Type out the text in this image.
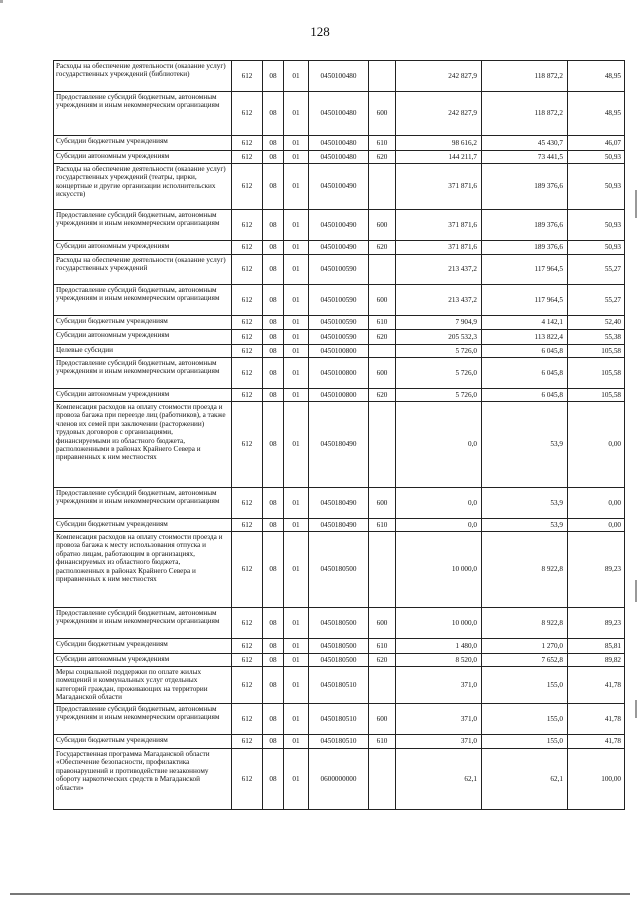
128
Расходы на обеспечение деятельности (оказание услуг) государственных учреждений (библиотеки)	612	08	01	0450100480		242 827,9	118 872,2	48,95
Предоставление субсидий бюджетным, автономным учреждениям и иным некоммерческим организациям	612	08	01	0450100480	600	242 827,9	118 872,2	48,95
Субсидии бюджетным учреждениям	612	08	01	0450100480	610	98 616,2	45 430,7	46,07
Субсидии автономным учреждениям	612	08	01	0450100480	620	144 211,7	73 441,5	50,93
Расходы на обеспечение деятельности (оказание услуг) государственных учреждений (театры, цирки, концертные и другие организации исполнительских искусств)	612	08	01	0450100490		371 871,6	189 376,6	50,93
Предоставление субсидий бюджетным, автономным учреждениям и иным некоммерческим организациям	612	08	01	0450100490	600	371 871,6	189 376,6	50,93
Субсидии автономным учреждениям	612	08	01	0450100490	620	371 871,6	189 376,6	50,93
Расходы на обеспечение деятельности (оказание услуг) государственных учреждений	612	08	01	0450100590		213 437,2	117 964,5	55,27
Предоставление субсидий бюджетным, автономным учреждениям и иным некоммерческим организациям	612	08	01	0450100590	600	213 437,2	117 964,5	55,27
Субсидии бюджетным учреждениям	612	08	01	0450100590	610	7 904,9	4 142,1	52,40
Субсидии автономным учреждениям	612	08	01	0450100590	620	205 532,3	113 822,4	55,38
Целевые субсидии	612	08	01	0450100800		5 726,0	6 045,8	105,58
Предоставление субсидий бюджетным, автономным учреждениям и иным некоммерческим организациям	612	08	01	0450100800	600	5 726,0	6 045,8	105,58
Субсидии автономным учреждениям	612	08	01	0450100800	620	5 726,0	6 045,8	105,58
Компенсация расходов на оплату стоимости проезда и провоза багажа при переезде лиц (работников), а также членов их семей при заключении (расторжении) трудовых договоров с организациями, финансируемыми из областного бюджета, расположенными в районах Крайнего Севера и приравненных к ним местностях	612	08	01	0450180490		0,0	53,9	0,00
Предоставление субсидий бюджетным, автономным учреждениям и иным некоммерческим организациям	612	08	01	0450180490	600	0,0	53,9	0,00
Субсидии бюджетным учреждениям	612	08	01	0450180490	610	0,0	53,9	0,00
Компенсация расходов на оплату стоимости проезда и провоза багажа к месту использования отпуска и обратно лицам, работающим в организациях, финансируемых из областного бюджета, расположенных в районах Крайнего Севера и приравненных к ним местностях	612	08	01	0450180500		10 000,0	8 922,8	89,23
Предоставление субсидий бюджетным, автономным учреждениям и иным некоммерческим организациям	612	08	01	0450180500	600	10 000,0	8 922,8	89,23
Субсидии бюджетным учреждениям	612	08	01	0450180500	610	1 480,0	1 270,0	85,81
Субсидии автономным учреждениям	612	08	01	0450180500	620	8 520,0	7 652,8	89,82
Меры социальной поддержки по оплате жилых помещений и коммунальных услуг отдельных категорий граждан, проживающих на территории Магаданской области	612	08	01	0450180510		371,0	155,0	41,78
Предоставление субсидий бюджетным, автономным учреждениям и иным некоммерческим организациям	612	08	01	0450180510	600	371,0	155,0	41,78
Субсидии бюджетным учреждениям	612	08	01	0450180510	610	371,0	155,0	41,78
Государственная программа Магаданской области «Обеспечение безопасности, профилактика правонарушений и противодействие незаконному обороту наркотических средств в Магаданской области»	612	08	01	0600000000		62,1	62,1	100,00
